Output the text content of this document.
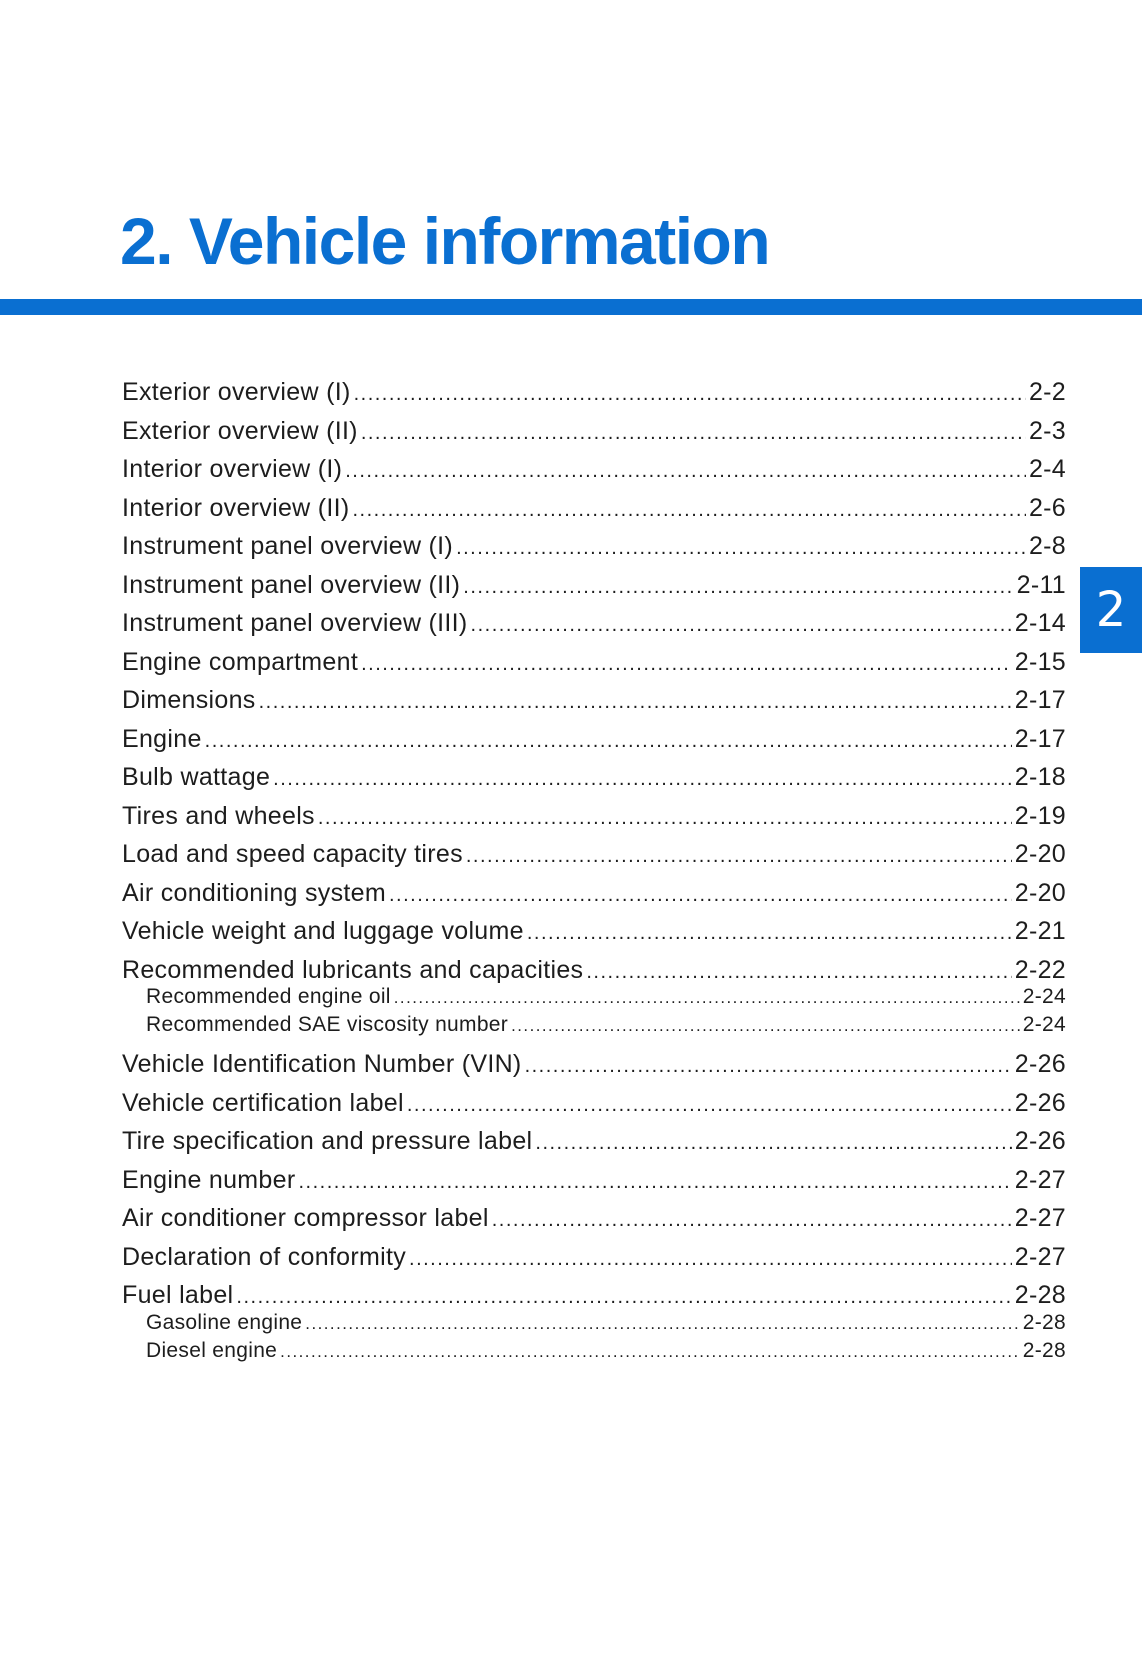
2. Vehicle information
2
Exterior overview (I) .....	2-2
Exterior overview (II) .....	2-3
Interior overview (I) .....	2-4
Interior overview (II) .....	2-6
Instrument panel overview (I) .....	2-8
Instrument panel overview (II) .....	2-11
Instrument panel overview (III) .....	2-14
Engine compartment .....	2-15
Dimensions .....	2-17
Engine .....	2-17
Bulb wattage .....	2-18
Tires and wheels .....	2-19
Load and speed capacity tires .....	2-20
Air conditioning system .....	2-20
Vehicle weight and luggage volume .....	2-21
Recommended lubricants and capacities .....	2-22
Recommended engine oil .....	2-24
Recommended SAE viscosity number .....	2-24
Vehicle Identification Number (VIN) .....	2-26
Vehicle certification label .....	2-26
Tire specification and pressure label .....	2-26
Engine number .....	2-27
Air conditioner compressor label .....	2-27
Declaration of conformity .....	2-27
Fuel label .....	2-28
Gasoline engine .....	2-28
Diesel engine .....	2-28
